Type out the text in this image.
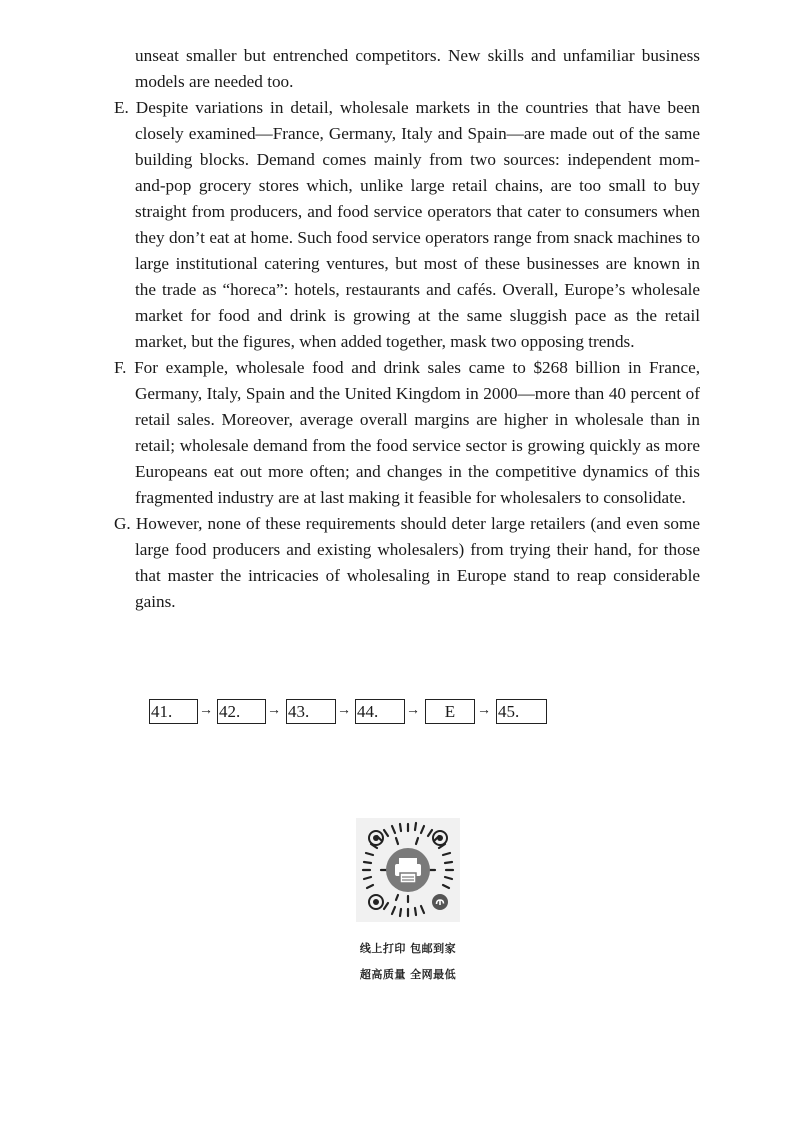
unseat smaller but entrenched competitors. New skills and unfamiliar business models are needed too.
E. Despite variations in detail, wholesale markets in the countries that have been closely examined—France, Germany, Italy and Spain—are made out of the same building blocks. Demand comes mainly from two sources: independent mom-and-pop grocery stores which, unlike large retail chains, are too small to buy straight from producers, and food service operators that cater to consumers when they don’t eat at home. Such food service operators range from snack machines to large institutional catering ventures, but most of these businesses are known in the trade as “horeca”: hotels, restaurants and cafés. Overall, Europe’s wholesale market for food and drink is growing at the same sluggish pace as the retail market, but the figures, when added together, mask two opposing trends.
F. For example, wholesale food and drink sales came to $268 billion in France, Germany, Italy, Spain and the United Kingdom in 2000—more than 40 percent of retail sales. Moreover, average overall margins are higher in wholesale than in retail; wholesale demand from the food service sector is growing quickly as more Europeans eat out more often; and changes in the competitive dynamics of this fragmented industry are at last making it feasible for wholesalers to consolidate.
G. However, none of these requirements should deter large retailers (and even some large food producers and existing wholesalers) from trying their hand, for those that master the intricacies of wholesaling in Europe stand to reap considerable gains.
41.	→ 42.	→ 43.	→ 44.	→	E	→ 45.
线上打印 包邮到家
超高质量 全网最低
